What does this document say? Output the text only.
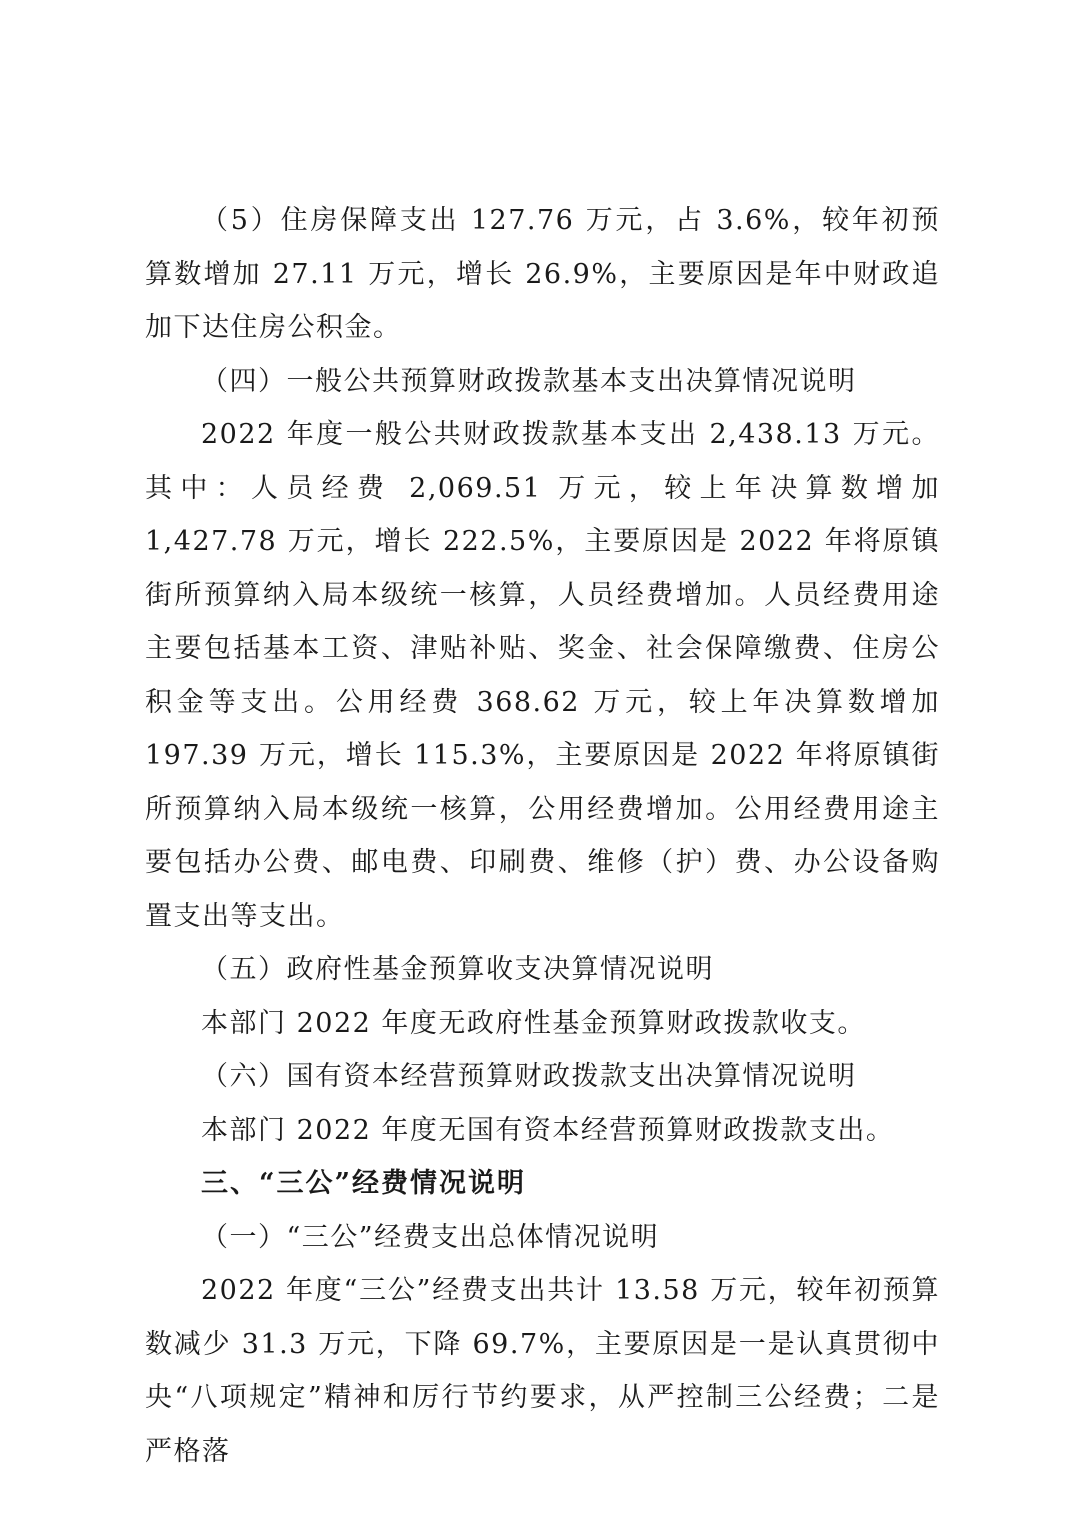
（5）住房保障支出 127.76 万元，占 3.6%，较年初预算数增加 27.11 万元，增长 26.9%，主要原因是年中财政追加下达住房公积金。

（四）一般公共预算财政拨款基本支出决算情况说明

2022 年度一般公共财政拨款基本支出 2,438.13 万元。其中：人员经费 2,069.51 万元，较上年决算数增加 1,427.78 万元，增长 222.5%，主要原因是 2022 年将原镇街所预算纳入局本级统一核算，人员经费增加。人员经费用途主要包括基本工资、津贴补贴、奖金、社会保障缴费、住房公积金等支出。公用经费 368.62 万元，较上年决算数增加 197.39 万元，增长 115.3%，主要原因是 2022 年将原镇街所预算纳入局本级统一核算，公用经费增加。公用经费用途主要包括办公费、邮电费、印刷费、维修（护）费、办公设备购置支出等支出。

（五）政府性基金预算收支决算情况说明

本部门 2022 年度无政府性基金预算财政拨款收支。

（六）国有资本经营预算财政拨款支出决算情况说明

本部门 2022 年度无国有资本经营预算财政拨款支出。

三、“三公”经费情况说明

（一）“三公”经费支出总体情况说明

2022 年度“三公”经费支出共计 13.58 万元，较年初预算数减少 31.3 万元，下降 69.7%，主要原因是一是认真贯彻中央“八项规定”精神和厉行节约要求，从严控制三公经费；二是严格落
